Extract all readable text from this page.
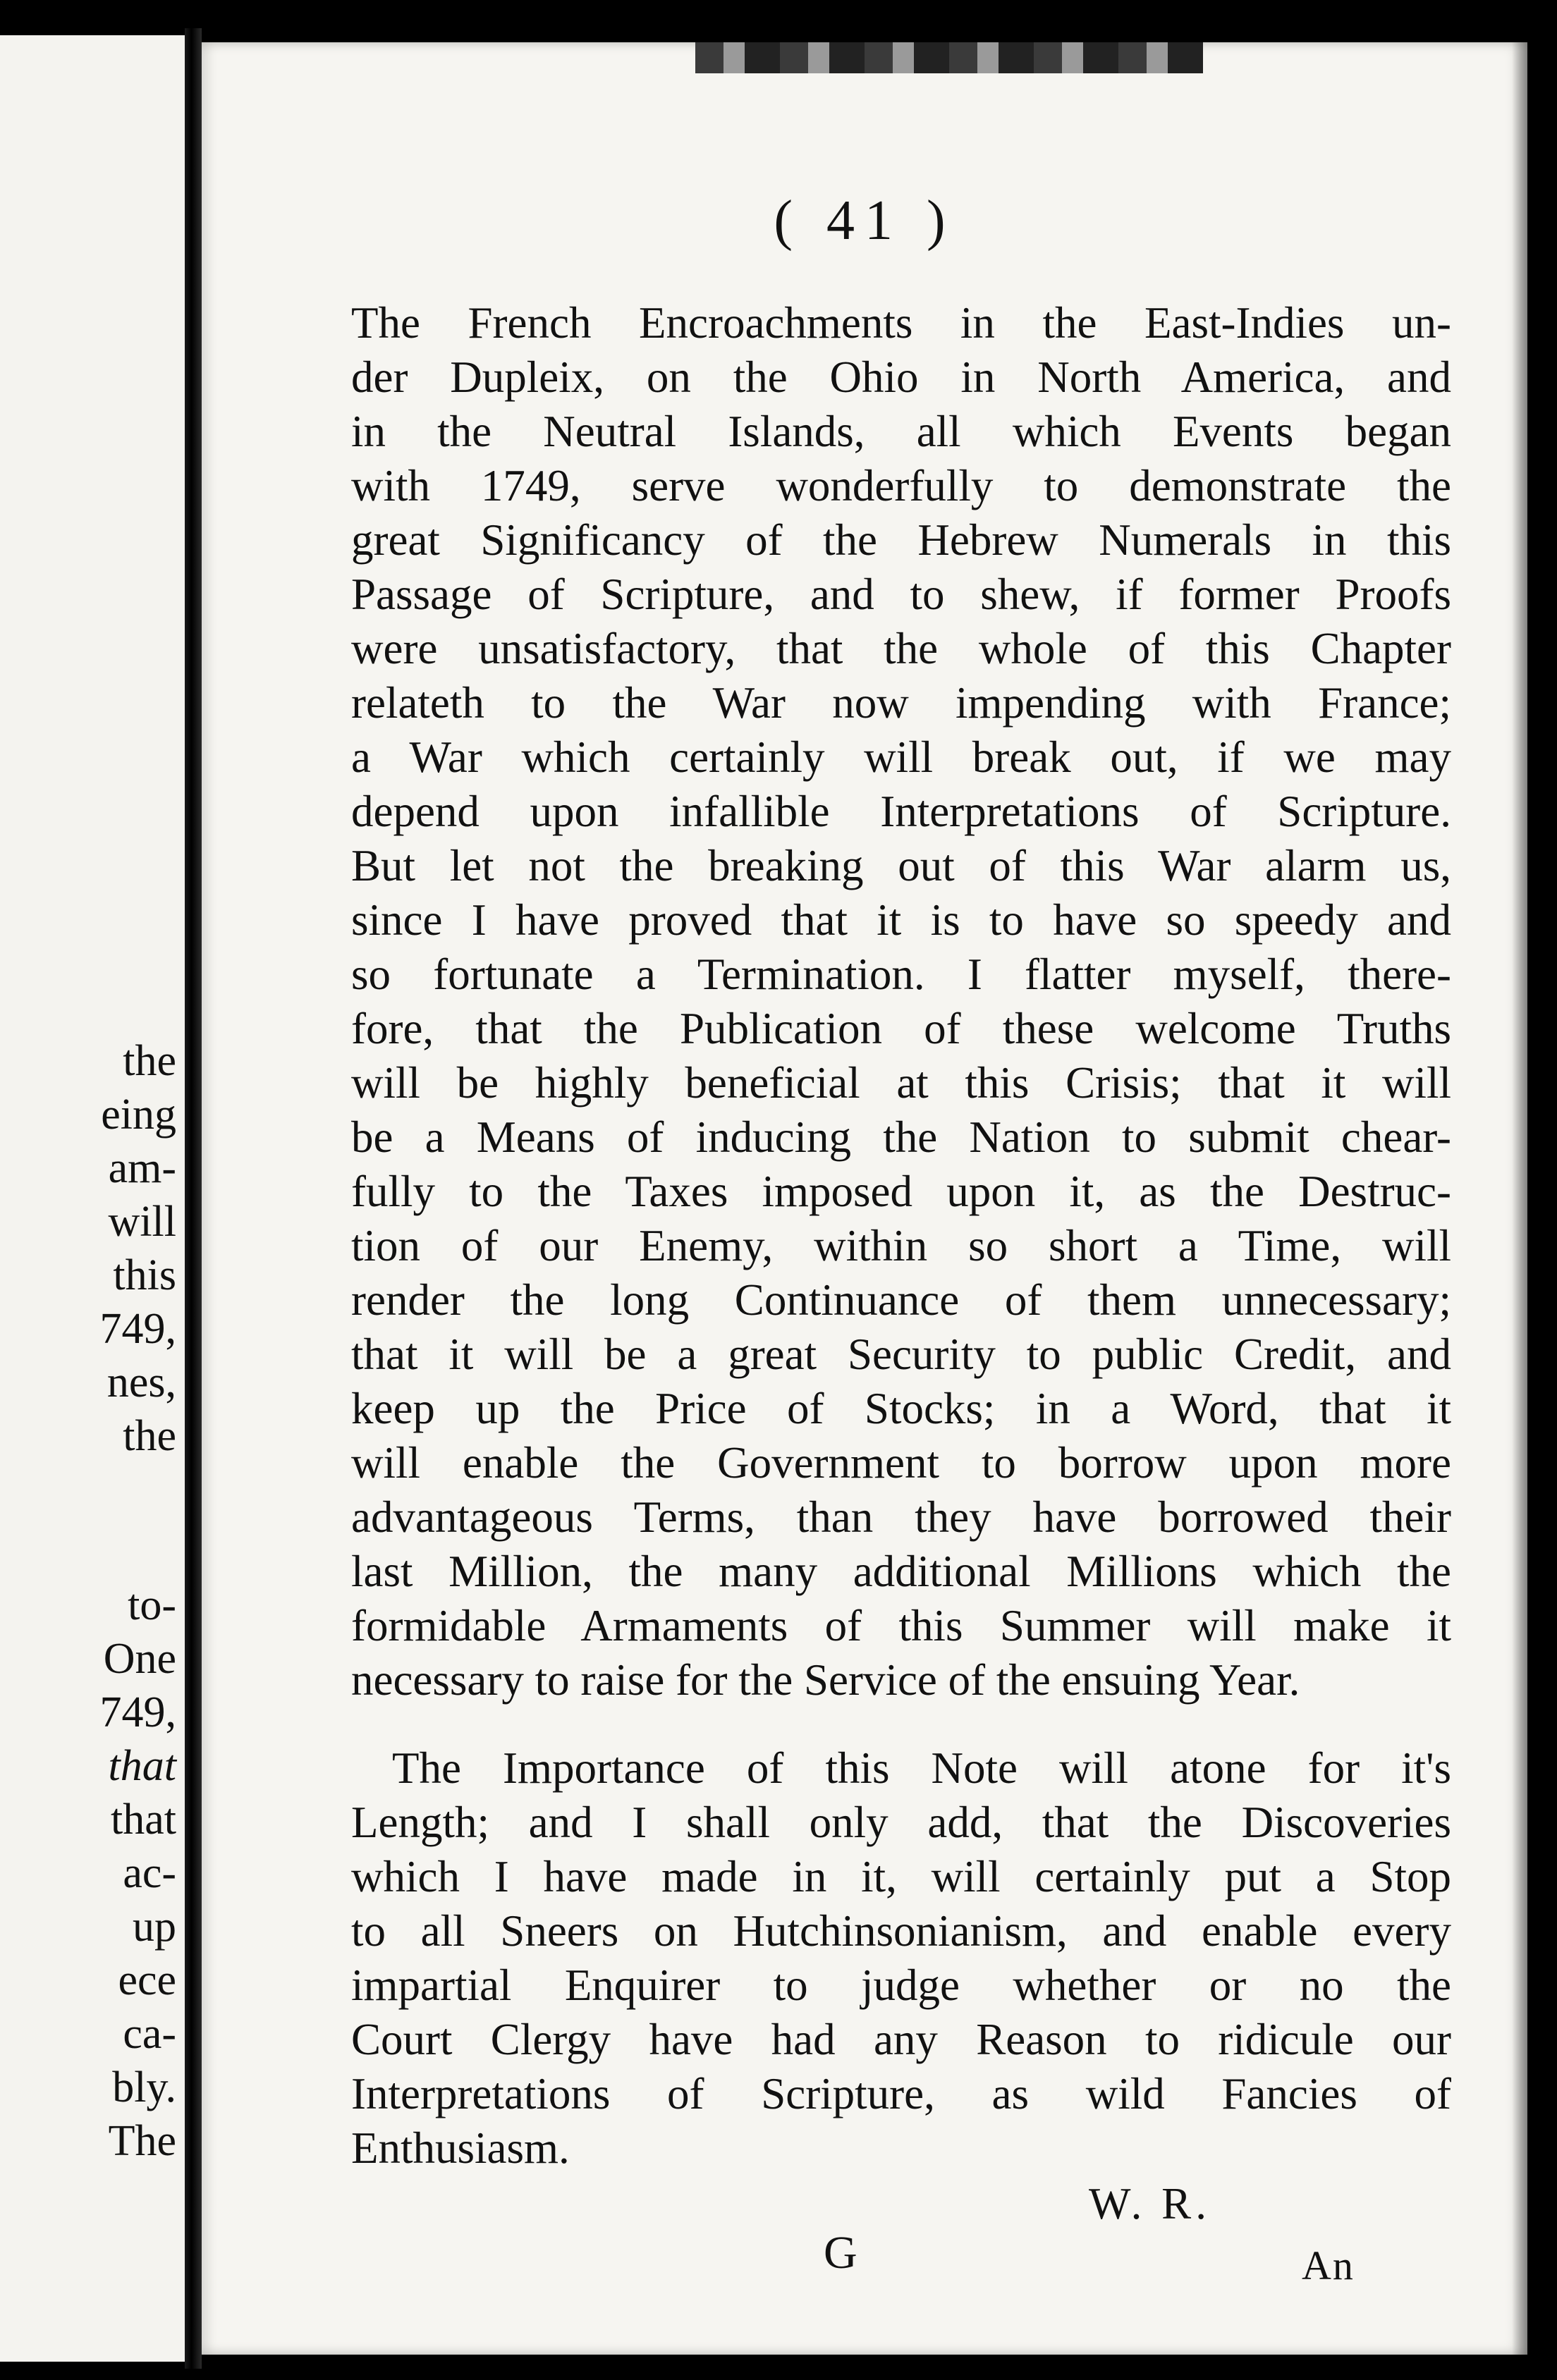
the
eing
am-
will
this
749,
nes,
the
to-
One
749,
that
that
ac-
up
ece
ca-
bly.
The
( 41 )
The French Encroachments in the East-Indies un-
der Dupleix, on the Ohio in North America, and
in the Neutral Islands, all which Events began
with 1749, serve wonderfully to demonstrate the
great Significancy of the Hebrew Numerals in this
Passage of Scripture, and to shew, if former Proofs
were unsatisfactory, that the whole of this Chapter
relateth to the War now impending with France;
a War which certainly will break out, if we may
depend upon infallible Interpretations of Scripture.
But let not the breaking out of this War alarm us,
since I have proved that it is to have so speedy and
so fortunate a Termination. I flatter myself, there-
fore, that the Publication of these welcome Truths
will be highly beneficial at this Crisis; that it will
be a Means of inducing the Nation to submit chear-
fully to the Taxes imposed upon it, as the Destruc-
tion of our Enemy, within so short a Time, will
render the long Continuance of them unnecessary;
that it will be a great Security to public Credit, and
keep up the Price of Stocks; in a Word, that it
will enable the Government to borrow upon more
advantageous Terms, than they have borrowed their
last Million, the many additional Millions which the
formidable Armaments of this Summer will make it
necessary to raise for the Service of the ensuing Year.
The Importance of this Note will atone for it's
Length; and I shall only add, that the Discoveries
which I have made in it, will certainly put a Stop
to all Sneers on Hutchinsonianism, and enable every
impartial Enquirer to judge whether or no the
Court Clergy have had any Reason to ridicule our
Interpretations of Scripture, as wild Fancies of
Enthusiasm.
W. R.
G	An
